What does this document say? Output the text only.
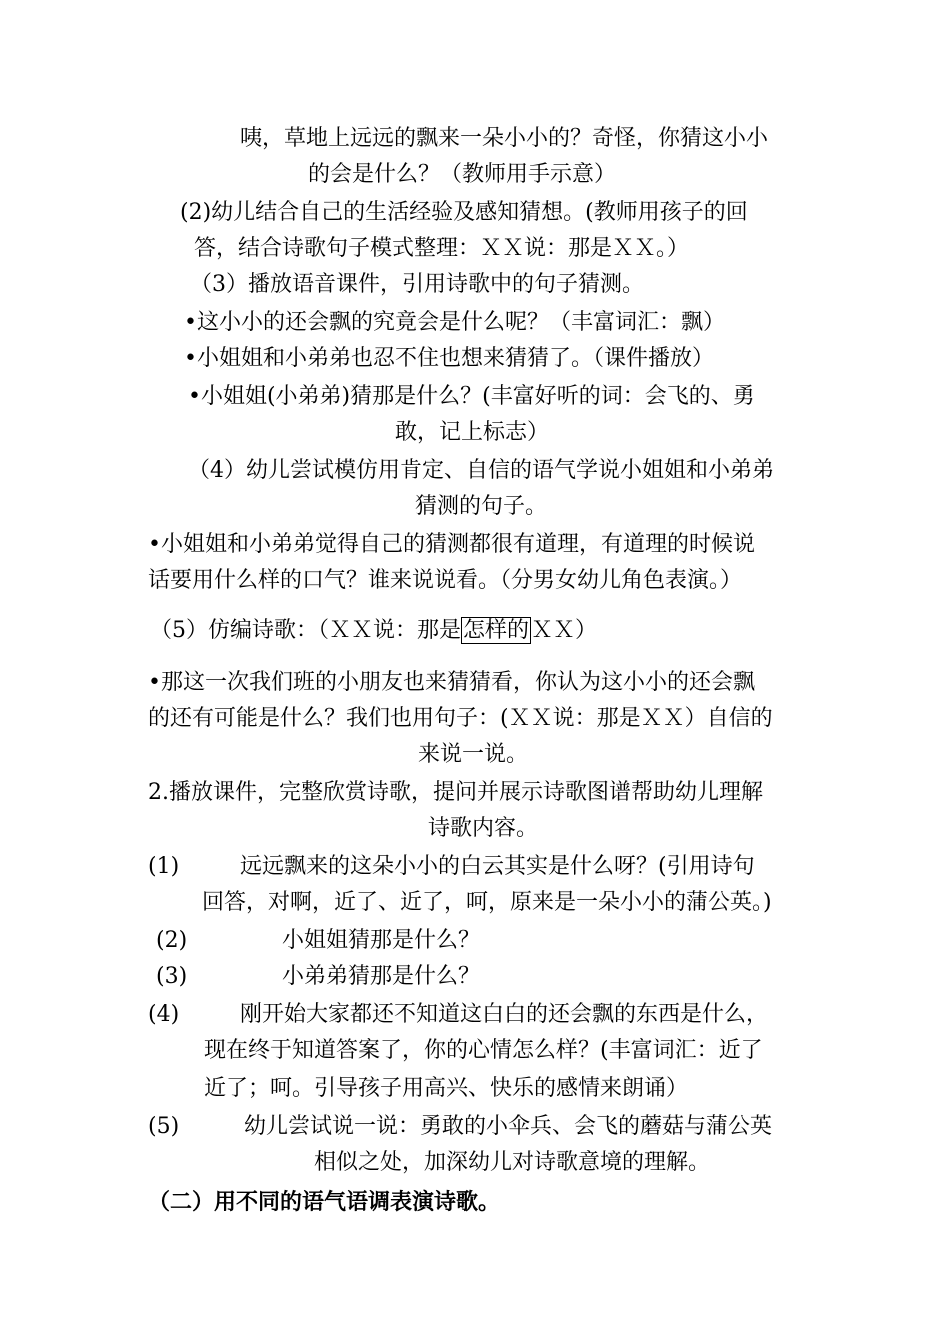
咦，草地上远远的飘来一朵小小的？奇怪，你猜这小小
的会是什么？（教师用手示意）
(2)幼儿结合自己的生活经验及感知猜想。(教师用孩子的回
答，结合诗歌句子模式整理：ＸＸ说：那是ＸＸ。）
（3）播放语音课件，引用诗歌中的句子猜测。
•这小小的还会飘的究竟会是什么呢？（丰富词汇：飘）
•小姐姐和小弟弟也忍不住也想来猜猜了。（课件播放）
•小姐姐(小弟弟)猜那是什么？(丰富好听的词：会飞的、勇
敢，记上标志）
（4）幼儿尝试模仿用肯定、自信的语气学说小姐姐和小弟弟
猜测的句子。
•小姐姐和小弟弟觉得自己的猜测都很有道理，有道理的时候说
话要用什么样的口气？谁来说说看。（分男女幼儿角色表演。）
（5）仿编诗歌：（ＸＸ说：那是怎样的ＸＸ）
•那这一次我们班的小朋友也来猜猜看，你认为这小小的还会飘
的还有可能是什么？我们也用句子：(ＸＸ说：那是ＸＸ）自信的
来说一说。
2.播放课件，完整欣赏诗歌，提问并展示诗歌图谱帮助幼儿理解
诗歌内容。
(1)	远远飘来的这朵小小的白云其实是什么呀？(引用诗句
回答，对啊，近了、近了，呵，原来是一朵小小的蒲公英。)
(2)	小姐姐猜那是什么？
(3)	小弟弟猜那是什么？
(4)	刚开始大家都还不知道这白白的还会飘的东西是什么，
现在终于知道答案了，你的心情怎么样？(丰富词汇：近了
近了；呵。引导孩子用高兴、快乐的感情来朗诵）
(5)	幼儿尝试说一说：勇敢的小伞兵、会飞的蘑菇与蒲公英
相似之处，加深幼儿对诗歌意境的理解。
（二）用不同的语气语调表演诗歌。
